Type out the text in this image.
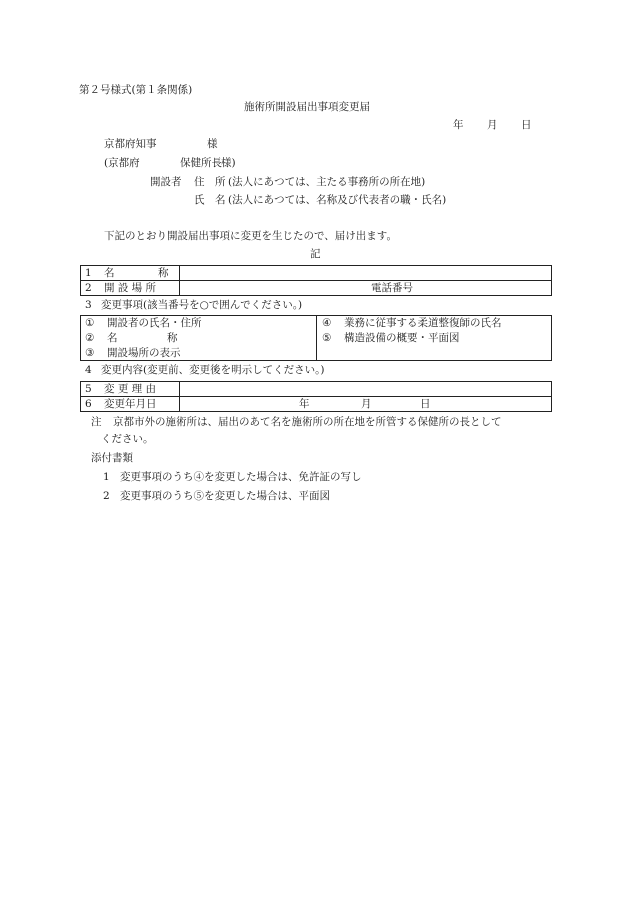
第２号様式(第１条関係)
施術所開設届出事項変更届
年 月 日
京都府知事	様
(京都府	保健所長 様)
開設者 住　所 (法人にあつては、主たる事務所の所在地)
氏　名 (法人にあつては、名称及び代表者の職・氏名)
下記のとおり開設届出事項に変更を生じたので、届け出ます。
記
1 名	称
2 開 設 場 所	電話番号
3 変更事項(該当番号を○で囲んでください。)
① 開設者の氏名・住所
② 名	称
③ 開設場所の表示
④ 業務に従事する柔道整復師の氏名
⑤ 構造設備の概要・平面図
4 変更内容(変更前、変更後を明示してください。)
5 変 更 理 由
6 変更年月日	年	月	日
注 京都市外の施術所は、届出のあて名を施術所の所在地を所管する保健所の長として
ください。
添付書類
1 変更事項のうち④を変更した場合は、免許証の写し
2 変更事項のうち⑤を変更した場合は、平面図
